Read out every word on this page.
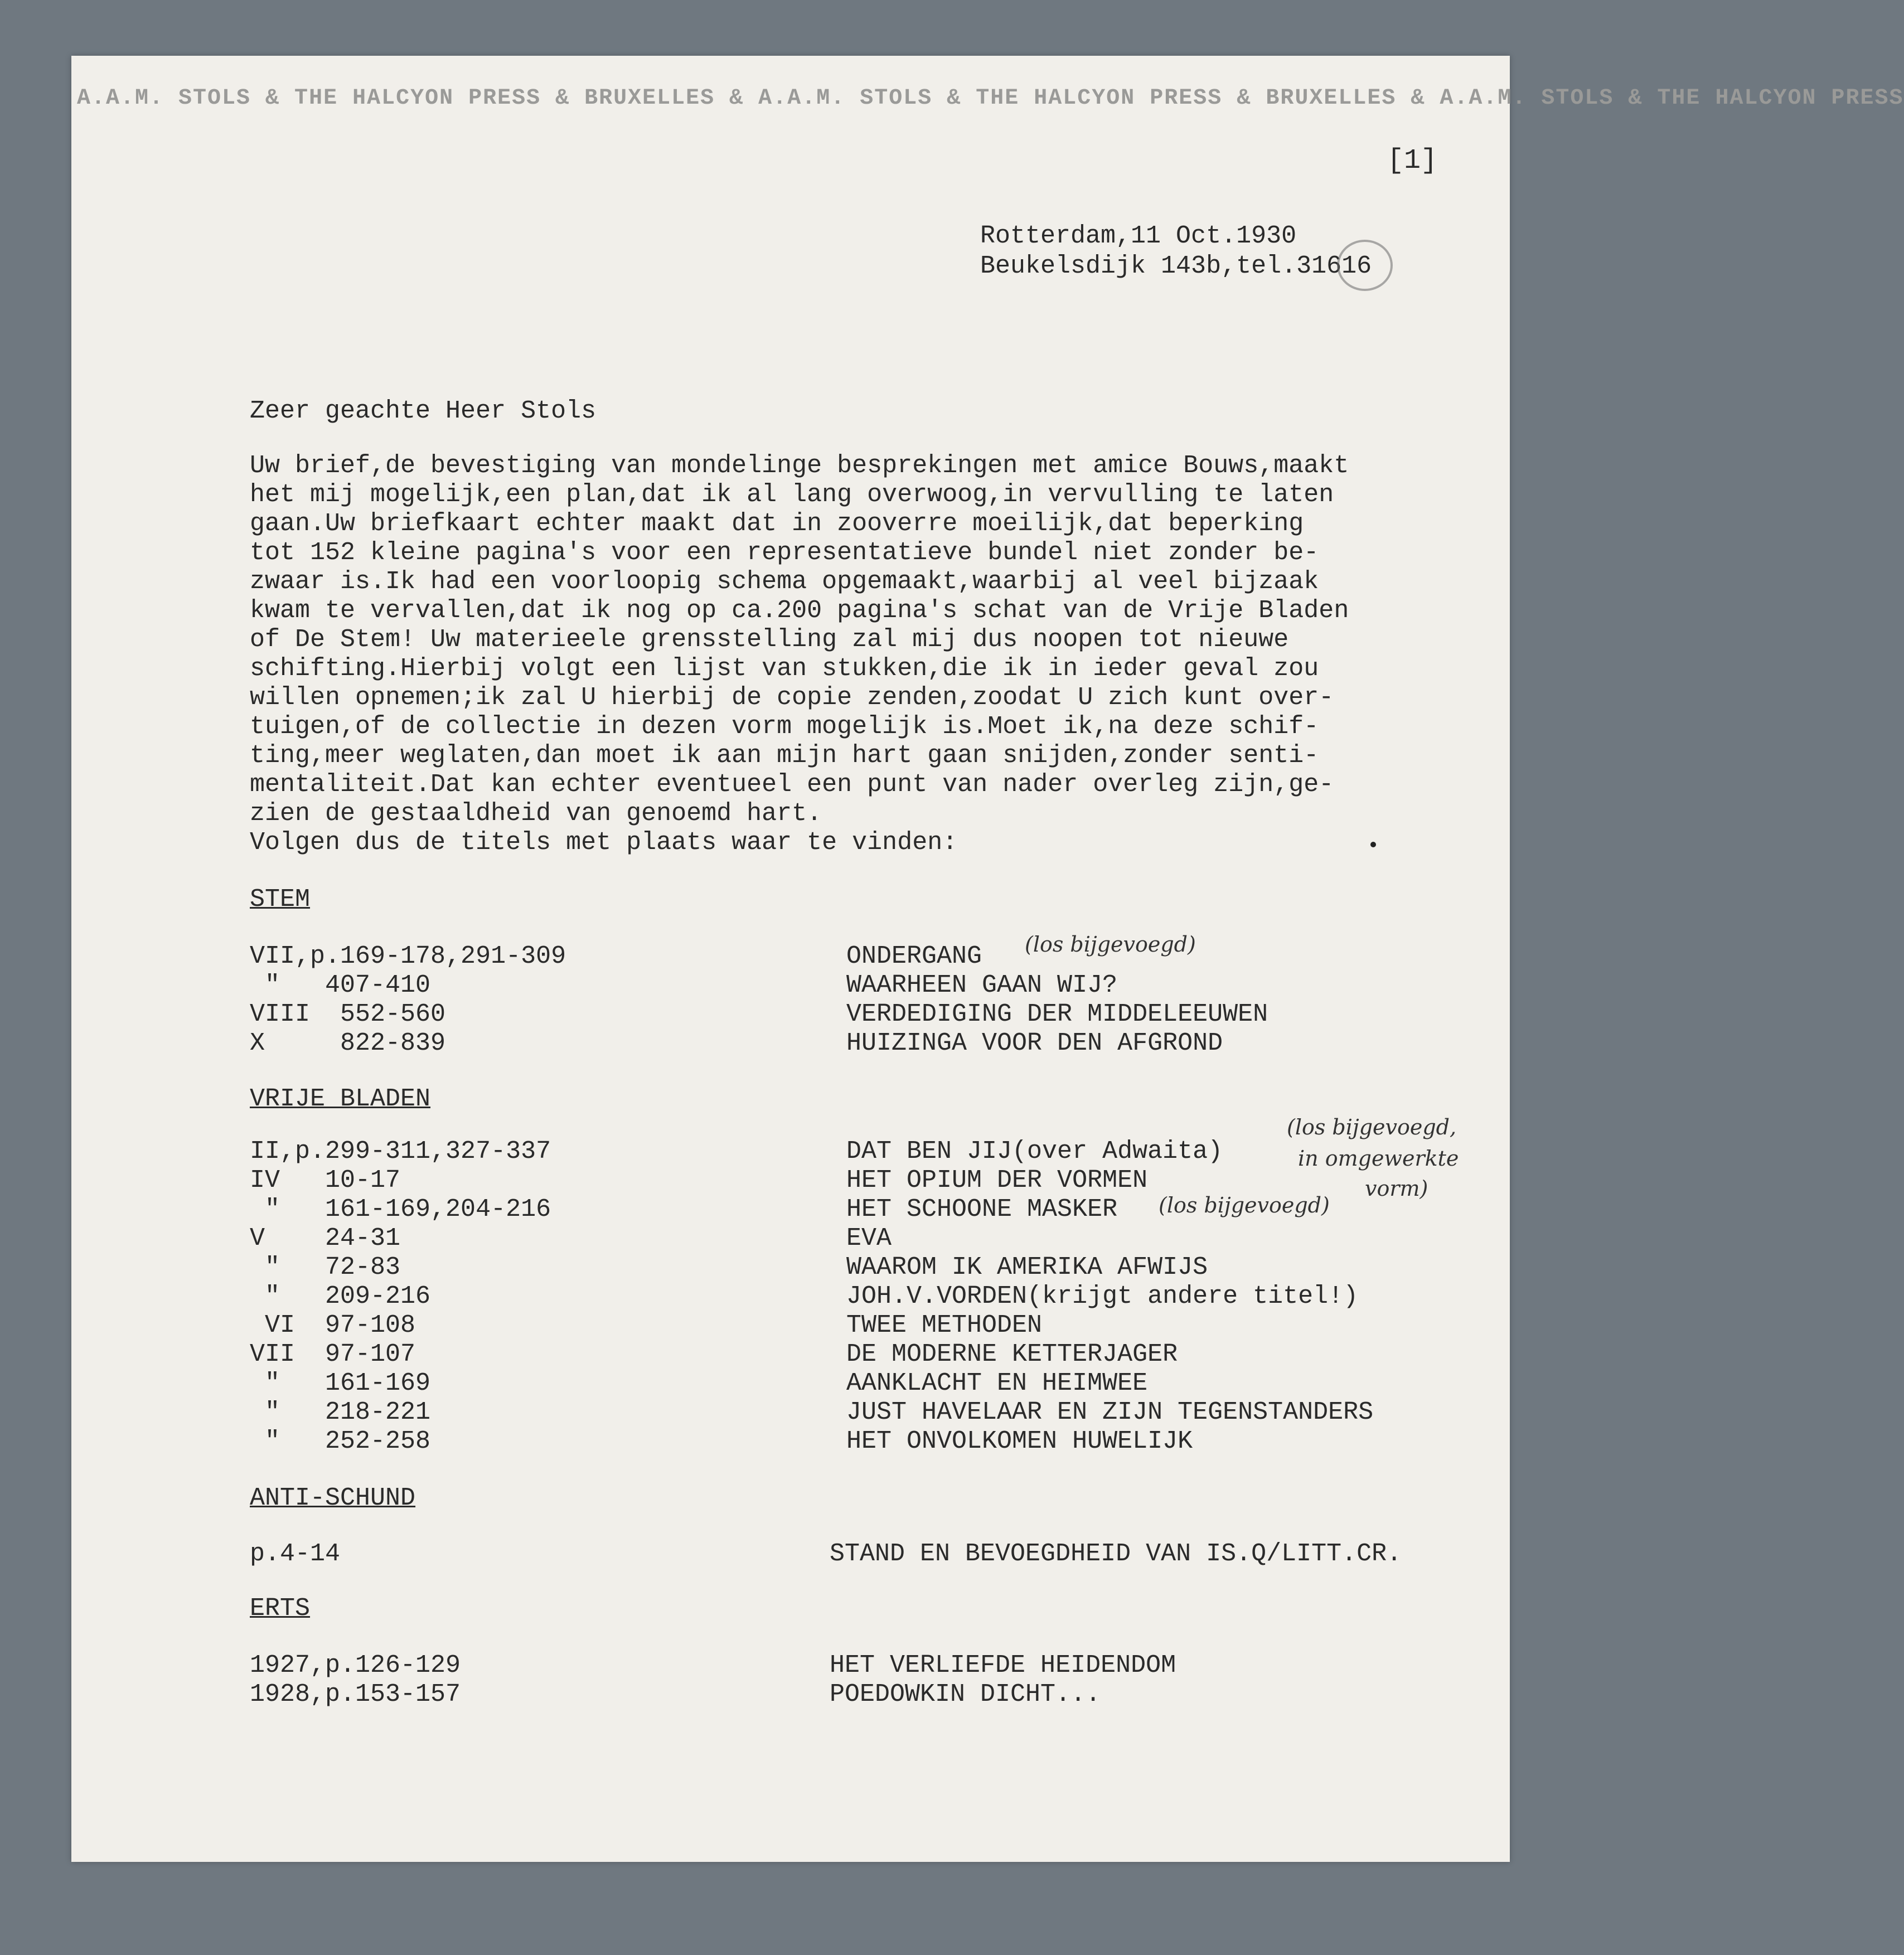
A.A.M. STOLS & THE HALCYON PRESS & BRUXELLES & A.A.M. STOLS & THE HALCYON PRESS & BRUXELLES & A.A.M. STOLS & THE HALCYON PRESS
[1]
Rotterdam,11 Oct.1930
Beukelsdijk 143b,tel.31616
Zeer geachte Heer Stols
Uw brief,de bevestiging van mondelinge besprekingen met amice Bouws,maakt
het mij mogelijk,een plan,dat ik al lang overwoog,in vervulling te laten
gaan.Uw briefkaart echter maakt dat in zooverre moeilijk,dat beperking
tot 152 kleine pagina's voor een representatieve bundel niet zonder be-
zwaar is.Ik had een voorloopig schema opgemaakt,waarbij al veel bijzaak
kwam te vervallen,dat ik nog op ca.200 pagina's schat van de Vrije Bladen
of De Stem! Uw materieele grensstelling zal mij dus noopen tot nieuwe
schifting.Hierbij volgt een lijst van stukken,die ik in ieder geval zou
willen opnemen;ik zal U hierbij de copie zenden,zoodat U zich kunt over-
tuigen,of de collectie in dezen vorm mogelijk is.Moet ik,na deze schif-
ting,meer weglaten,dan moet ik aan mijn hart gaan snijden,zonder senti-
mentaliteit.Dat kan echter eventueel een punt van nader overleg zijn,ge-
zien de gestaaldheid van genoemd hart.
Volgen dus de titels met plaats waar te vinden:
STEM
VII,p.169-178,291-309	ONDERGANG (los bijgevoegd)
"   407-410	WAARHEEN GAAN WIJ?
VIII  552-560	VERDEDIGING DER MIDDELEEUWEN
X     822-839	HUIZINGA VOOR DEN AFGROND
VRIJE BLADEN
II,p.299-311,327-337	DAT BEN JIJ(over Adwaita)
(los bijgevoegd,
in omgewerkte
vorm)
IV   10-17	HET OPIUM DER VORMEN
"   161-169,204-216	HET SCHOONE MASKER (los bijgevoegd)
V    24-31	EVA
"   72-83	WAAROM IK AMERIKA AFWIJS
"   209-216	JOH.V.VORDEN(krijgt andere titel!)
VI  97-108	TWEE METHODEN
VII  97-107	DE MODERNE KETTERJAGER
"   161-169	AANKLACHT EN HEIMWEE
"   218-221	JUST HAVELAAR EN ZIJN TEGENSTANDERS
"   252-258	HET ONVOLKOMEN HUWELIJK
ANTI-SCHUND
p.4-14	STAND EN BEVOEGDHEID VAN IS.Q/LITT.CR.
ERTS
1927,p.126-129	HET VERLIEFDE HEIDENDOM
1928,p.153-157	POEDOWKIN DICHT...
